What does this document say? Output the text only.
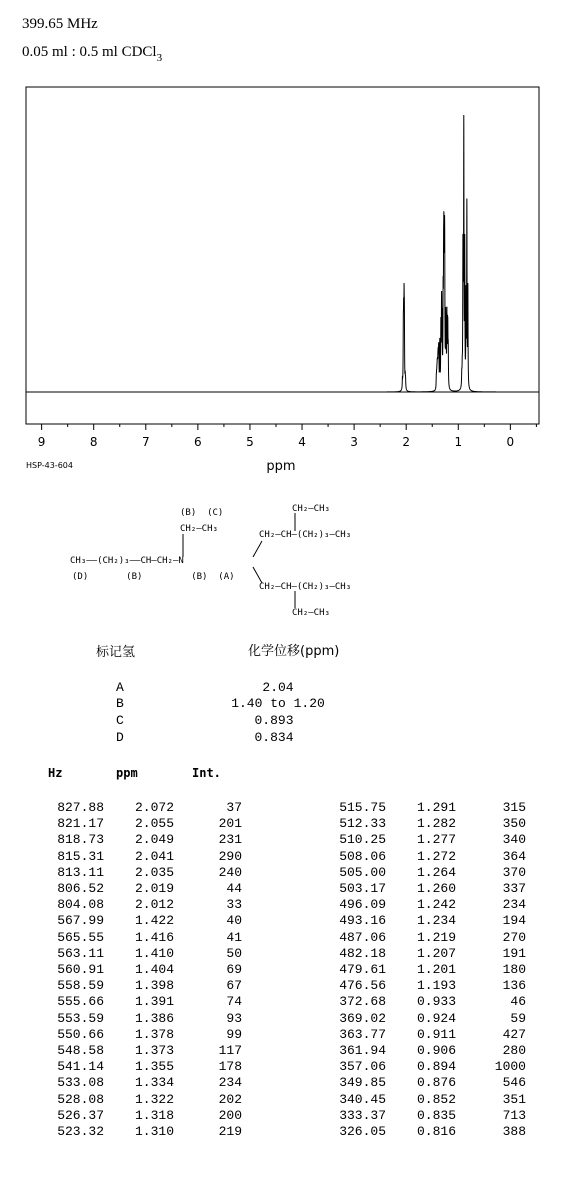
399.65 MHz
0.05 ml : 0.5 ml CDCl$_3$
9	8	7	6	5	4	3	2	1	0
ppm
HSP-43-604
(B)  (C)	CH₂—CH₃
CH₂—CH₃
CH₂—CH—(CH₂)₃—CH₃
CH₃——(CH₂)₃——CH—CH₂—N
(D)       (B)         (B)  (A)
CH₂—CH—(CH₂)₃—CH₃
CH₂—CH₃
标记氢	化学位移(ppm)
A	2.04
B	1.40 to 1.20
C	0.893
D	0.834
Hz	ppm	Int.
827.88	2.072	37
821.17	2.055	201
818.73	2.049	231
815.31	2.041	290
813.11	2.035	240
806.52	2.019	44
804.08	2.012	33
567.99	1.422	40
565.55	1.416	41
563.11	1.410	50
560.91	1.404	69
558.59	1.398	67
555.66	1.391	74
553.59	1.386	93
550.66	1.378	99
548.58	1.373	117
541.14	1.355	178
533.08	1.334	234
528.08	1.322	202
526.37	1.318	200
523.32	1.310	219
515.75	1.291	315
512.33	1.282	350
510.25	1.277	340
508.06	1.272	364
505.00	1.264	370
503.17	1.260	337
496.09	1.242	234
493.16	1.234	194
487.06	1.219	270
482.18	1.207	191
479.61	1.201	180
476.56	1.193	136
372.68	0.933	46
369.02	0.924	59
363.77	0.911	427
361.94	0.906	280
357.06	0.894	1000
349.85	0.876	546
340.45	0.852	351
333.37	0.835	713
326.05	0.816	388
